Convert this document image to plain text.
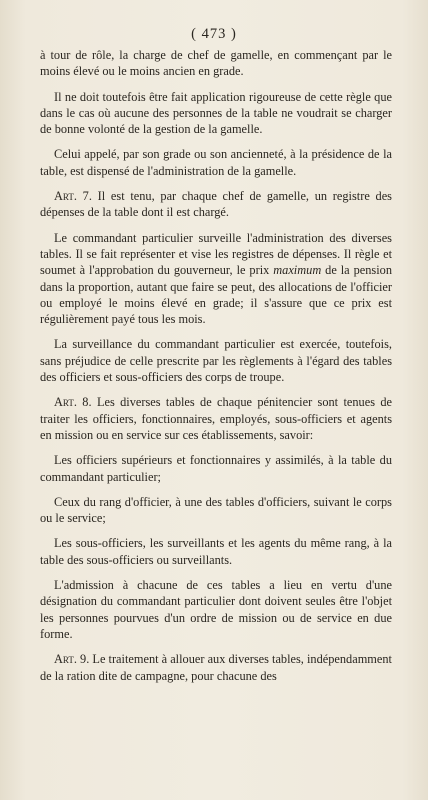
( 473 )

à tour de rôle, la charge de chef de gamelle, en commençant par le moins élevé ou le moins ancien en grade.

Il ne doit toutefois être fait application rigoureuse de cette règle que dans le cas où aucune des personnes de la table ne voudrait se charger de bonne volonté de la gestion de la gamelle.

Celui appelé, par son grade ou son ancienneté, à la présidence de la table, est dispensé de l'administration de la gamelle.

Art. 7. Il est tenu, par chaque chef de gamelle, un registre des dépenses de la table dont il est chargé.

Le commandant particulier surveille l'administration des diverses tables. Il se fait représenter et vise les registres de dépenses. Il règle et soumet à l'approbation du gouverneur, le prix maximum de la pension dans la proportion, autant que faire se peut, des allocations de l'officier ou employé le moins élevé en grade; il s'assure que ce prix est régulièrement payé tous les mois.

La surveillance du commandant particulier est exercée, toutefois, sans préjudice de celle prescrite par les règlements à l'égard des tables des officiers et sous-officiers des corps de troupe.

Art. 8. Les diverses tables de chaque pénitencier sont tenues de traiter les officiers, fonctionnaires, employés, sous-officiers et agents en mission ou en service sur ces établissements, savoir:

Les officiers supérieurs et fonctionnaires y assimilés, à la table du commandant particulier;

Ceux du rang d'officier, à une des tables d'officiers, suivant le corps ou le service;

Les sous-officiers, les surveillants et les agents du même rang, à la table des sous-officiers ou surveillants.

L'admission à chacune de ces tables a lieu en vertu d'une désignation du commandant particulier dont doivent seules être l'objet les personnes pourvues d'un ordre de mission ou de service en due forme.

Art. 9. Le traitement à allouer aux diverses tables, indépendamment de la ration dite de campagne, pour chacune des
